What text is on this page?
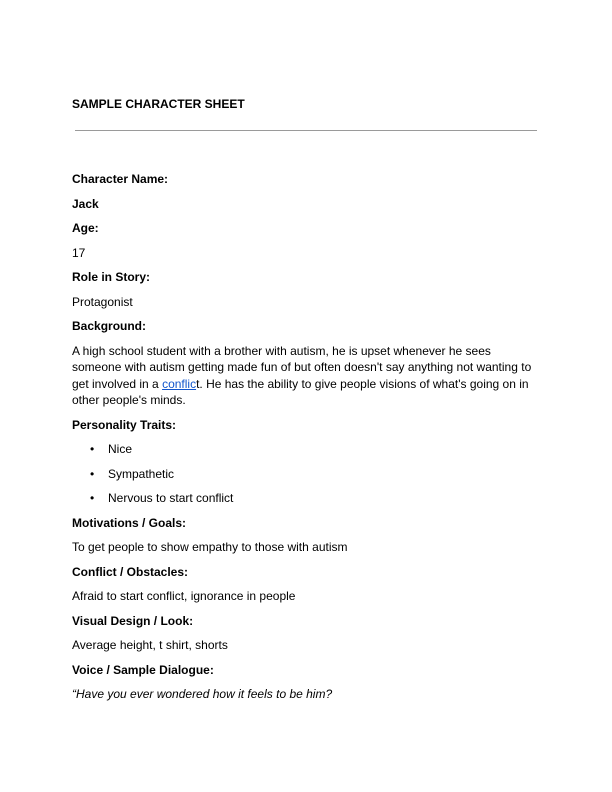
SAMPLE CHARACTER SHEET

Character Name:

Jack

Age:

17

Role in Story:

Protagonist

Background:

A high school student with a brother with autism, he is upset whenever he sees someone with autism getting made fun of but often doesn't say anything not wanting to get involved in a conflict. He has the ability to give people visions of what's going on in other people's minds.

Personality Traits:

• Nice
• Sympathetic
• Nervous to start conflict

Motivations / Goals:

To get people to show empathy to those with autism

Conflict / Obstacles:

Afraid to start conflict, ignorance in people

Visual Design / Look:

Average height, t shirt, shorts

Voice / Sample Dialogue:

“Have you ever wondered how it feels to be him?
